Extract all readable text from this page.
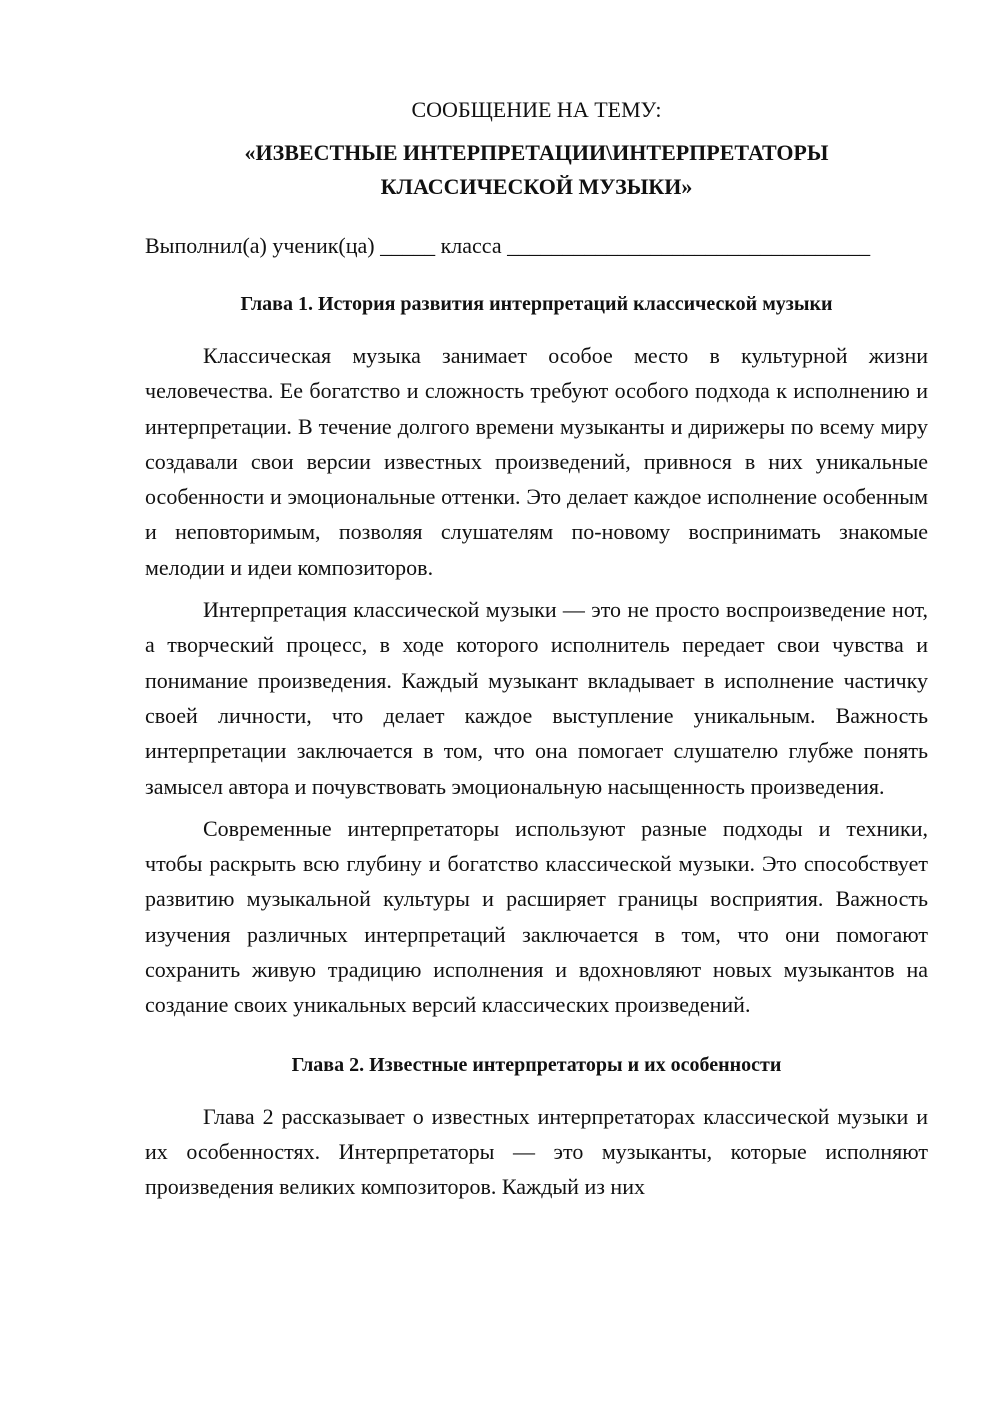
СООБЩЕНИЕ НА ТЕМУ:

«ИЗВЕСТНЫЕ ИНТЕРПРЕТАЦИИ\ИНТЕРПРЕТАТОРЫ
КЛАССИЧЕСКОЙ МУЗЫКИ»

Выполнил(а) ученик(ца) _____ класса _________________________________

Глава 1. История развития интерпретаций классической музыки

Классическая музыка занимает особое место в культурной жизни человечества. Ее богатство и сложность требуют особого подхода к исполнению и интерпретации. В течение долгого времени музыканты и дирижеры по всему миру создавали свои версии известных произведений, привнося в них уникальные особенности и эмоциональные оттенки. Это делает каждое исполнение особенным и неповторимым, позволяя слушателям по-новому воспринимать знакомые мелодии и идеи композиторов.

Интерпретация классической музыки — это не просто воспроизведение нот, а творческий процесс, в ходе которого исполнитель передает свои чувства и понимание произведения. Каждый музыкант вкладывает в исполнение частичку своей личности, что делает каждое выступление уникальным. Важность интерпретации заключается в том, что она помогает слушателю глубже понять замысел автора и почувствовать эмоциональную насыщенность произведения.

Современные интерпретаторы используют разные подходы и техники, чтобы раскрыть всю глубину и богатство классической музыки. Это способствует развитию музыкальной культуры и расширяет границы восприятия. Важность изучения различных интерпретаций заключается в том, что они помогают сохранить живую традицию исполнения и вдохновляют новых музыкантов на создание своих уникальных версий классических произведений.

Глава 2. Известные интерпретаторы и их особенности

Глава 2 рассказывает о известных интерпретаторах классической музыки и их особенностях. Интерпретаторы — это музыканты, которые исполняют произведения великих композиторов. Каждый из них
